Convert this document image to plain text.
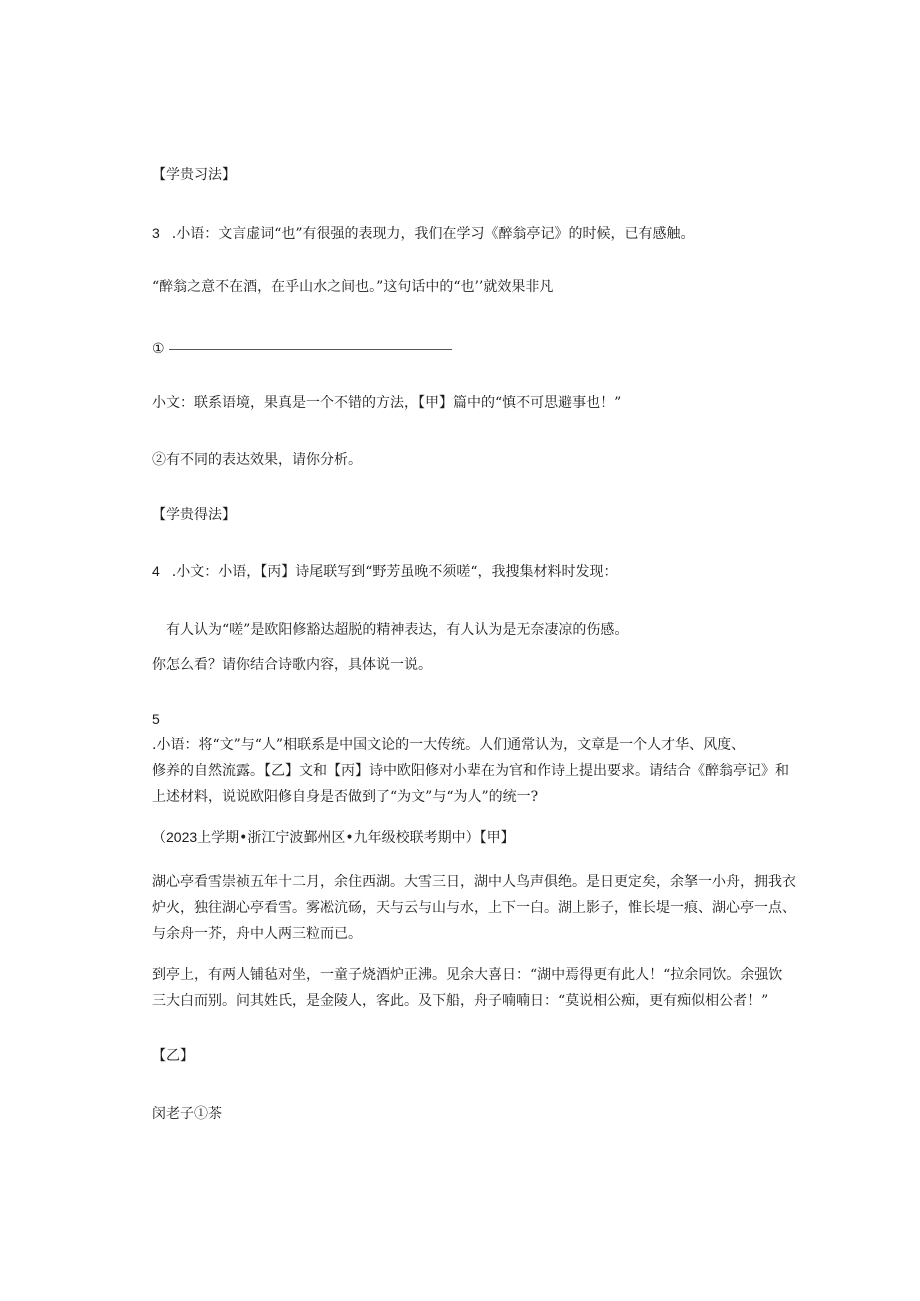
【学贵习法】
3 .小语：文言虚词“也”有很强的表现力，我们在学习《醉翁亭记》的时候，已有感触。
“醉翁之意不在酒，在乎山水之间也。”这句话中的“也’’就效果非凡
①
小文：联系语境，果真是一个不错的方法，【甲】篇中的“慎不可思避事也！”
②有不同的表达效果，请你分析。
【学贵得法】
4 .小文：小语，【丙】诗尾联写到“野芳虽晚不须嗟“，我搜集材料时发现：
有人认为“嗟”是欧阳修豁达超脱的精神表达，有人认为是无奈凄凉的伤感。
你怎么看？请你结合诗歌内容，具体说一说。
5
.小语：将“文”与“人”相联系是中国文论的一大传统。人们通常认为，文章是一个人才华、风度、
修养的自然流露。【乙】文和【丙】诗中欧阳修对小辈在为官和作诗上提出要求。请结合《醉翁亭记》和
上述材料，说说欧阳修自身是否做到了“为文”与“为人”的统一?
（2023上学期•浙江宁波鄞州区•九年级校联考期中）【甲】
湖心亭看雪崇祯五年十二月，余住西湖。大雪三日，湖中人鸟声俱绝。是日更定矣，余拏一小舟，拥我衣
炉火，独往湖心亭看雪。雾凇沆砀，天与云与山与水，上下一白。湖上影子，惟长堤一痕、湖心亭一点、
与余舟一芥，舟中人两三粒而已。
到亭上，有两人铺毡对坐，一童子烧酒炉正沸。见余大喜日：“湖中焉得更有此人！“拉余同饮。余强饮
三大白而别。问其姓氏，是金陵人，客此。及下船，舟子喃喃日：“莫说相公痴，更有痴似相公者！”
【乙】
闵老子①茶
